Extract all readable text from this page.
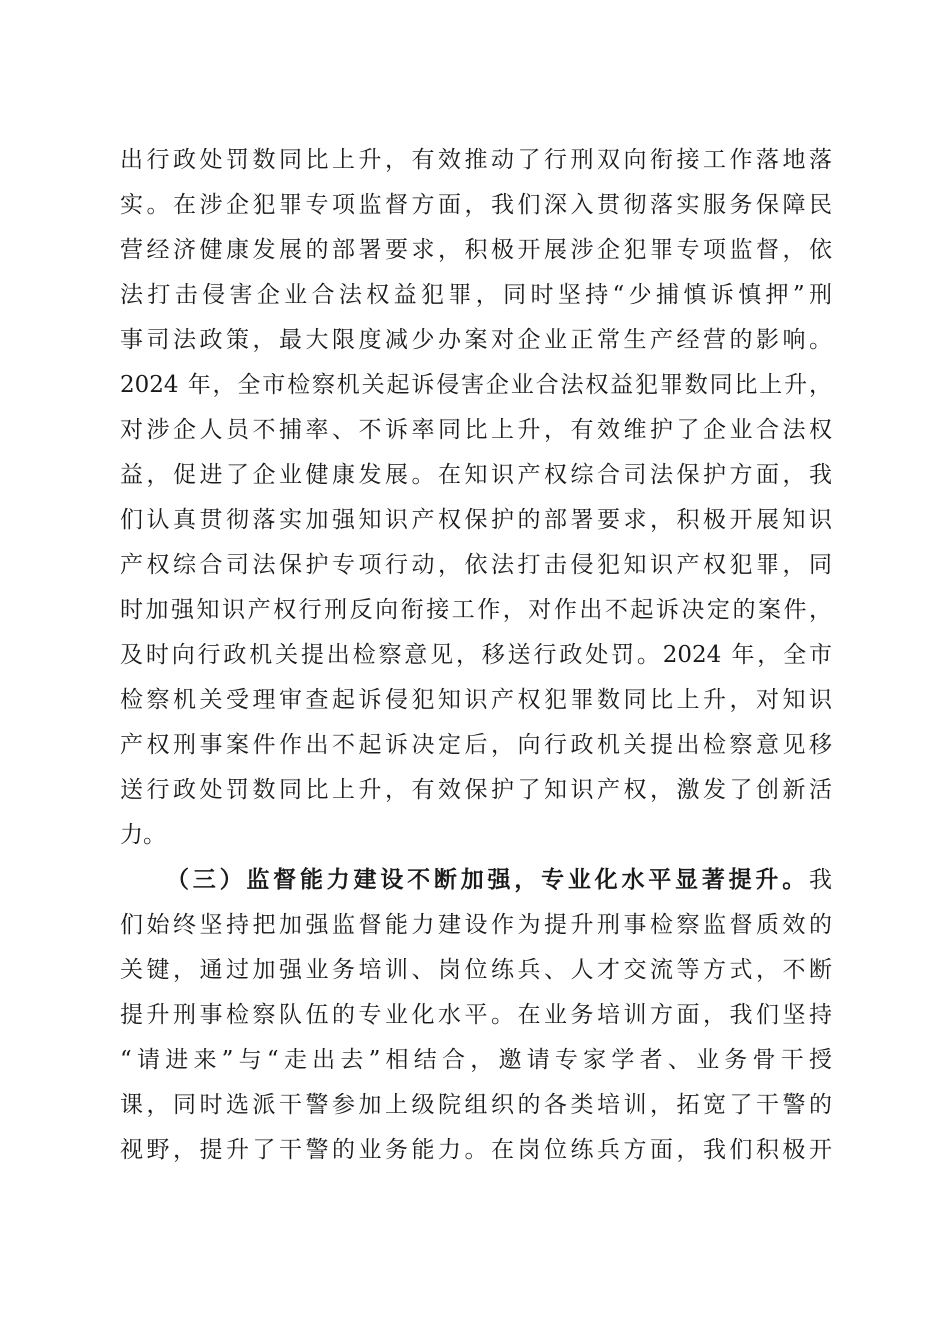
出行政处罚数同比上升，有效推动了行刑双向衔接工作落地落
实。在涉企犯罪专项监督方面，我们深入贯彻落实服务保障民
营经济健康发展的部署要求，积极开展涉企犯罪专项监督，依
法打击侵害企业合法权益犯罪，同时坚持“少捕慎诉慎押”刑
事司法政策，最大限度减少办案对企业正常生产经营的影响。
2024 年，全市检察机关起诉侵害企业合法权益犯罪数同比上升，
对涉企人员不捕率、不诉率同比上升，有效维护了企业合法权
益，促进了企业健康发展。在知识产权综合司法保护方面，我
们认真贯彻落实加强知识产权保护的部署要求，积极开展知识
产权综合司法保护专项行动，依法打击侵犯知识产权犯罪，同
时加强知识产权行刑反向衔接工作，对作出不起诉决定的案件，
及时向行政机关提出检察意见，移送行政处罚。2024 年，全市
检察机关受理审查起诉侵犯知识产权犯罪数同比上升，对知识
产权刑事案件作出不起诉决定后，向行政机关提出检察意见移
送行政处罚数同比上升，有效保护了知识产权，激发了创新活
力。
（三）监督能力建设不断加强，专业化水平显著提升。我
们始终坚持把加强监督能力建设作为提升刑事检察监督质效的
关键，通过加强业务培训、岗位练兵、人才交流等方式，不断
提升刑事检察队伍的专业化水平。在业务培训方面，我们坚持
“请进来”与“走出去”相结合，邀请专家学者、业务骨干授
课，同时选派干警参加上级院组织的各类培训，拓宽了干警的
视野，提升了干警的业务能力。在岗位练兵方面，我们积极开
